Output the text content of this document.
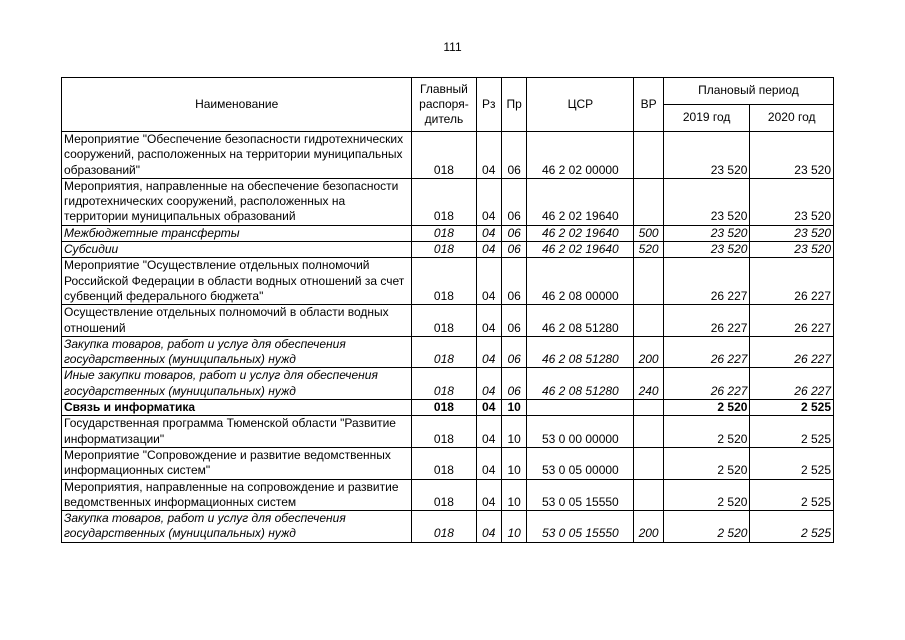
111
Наименование	Главный
распоря-
дитель	Рз	Пр	ЦСР	ВР	Плановый период	
						2019 год	2020 год
Мероприятие "Обеспечение безопасности гидротехнических сооружений, расположенных на территории муниципальных образований"	018	04	06	46 2 02 00000		23 520	23 520
Мероприятия, направленные на обеспечение безопасности гидротехнических сооружений, расположенных на территории муниципальных образований	018	04	06	46 2 02 19640		23 520	23 520
Межбюджетные трансферты	018	04	06	46 2 02 19640	500	23 520	23 520
Субсидии	018	04	06	46 2 02 19640	520	23 520	23 520
Мероприятие "Осуществление отдельных полномочий Российской Федерации в области водных отношений за счет субвенций федерального бюджета"	018	04	06	46 2 08 00000		26 227	26 227
Осуществление отдельных полномочий в области водных отношений	018	04	06	46 2 08 51280		26 227	26 227
Закупка товаров, работ и услуг для обеспечения государственных (муниципальных) нужд	018	04	06	46 2 08 51280	200	26 227	26 227
Иные закупки товаров, работ и услуг для обеспечения государственных (муниципальных) нужд	018	04	06	46 2 08 51280	240	26 227	26 227
Связь и информатика	018	04	10			2 520	2 525
Государственная программа Тюменской области "Развитие информатизации"	018	04	10	53 0 00 00000		2 520	2 525
Мероприятие "Сопровождение и развитие ведомственных информационных систем"	018	04	10	53 0 05 00000		2 520	2 525
Мероприятия, направленные на сопровождение и развитие ведомственных информационных систем	018	04	10	53 0 05 15550		2 520	2 525
Закупка товаров, работ и услуг для обеспечения государственных (муниципальных) нужд	018	04	10	53 0 05 15550	200	2 520	2 525
